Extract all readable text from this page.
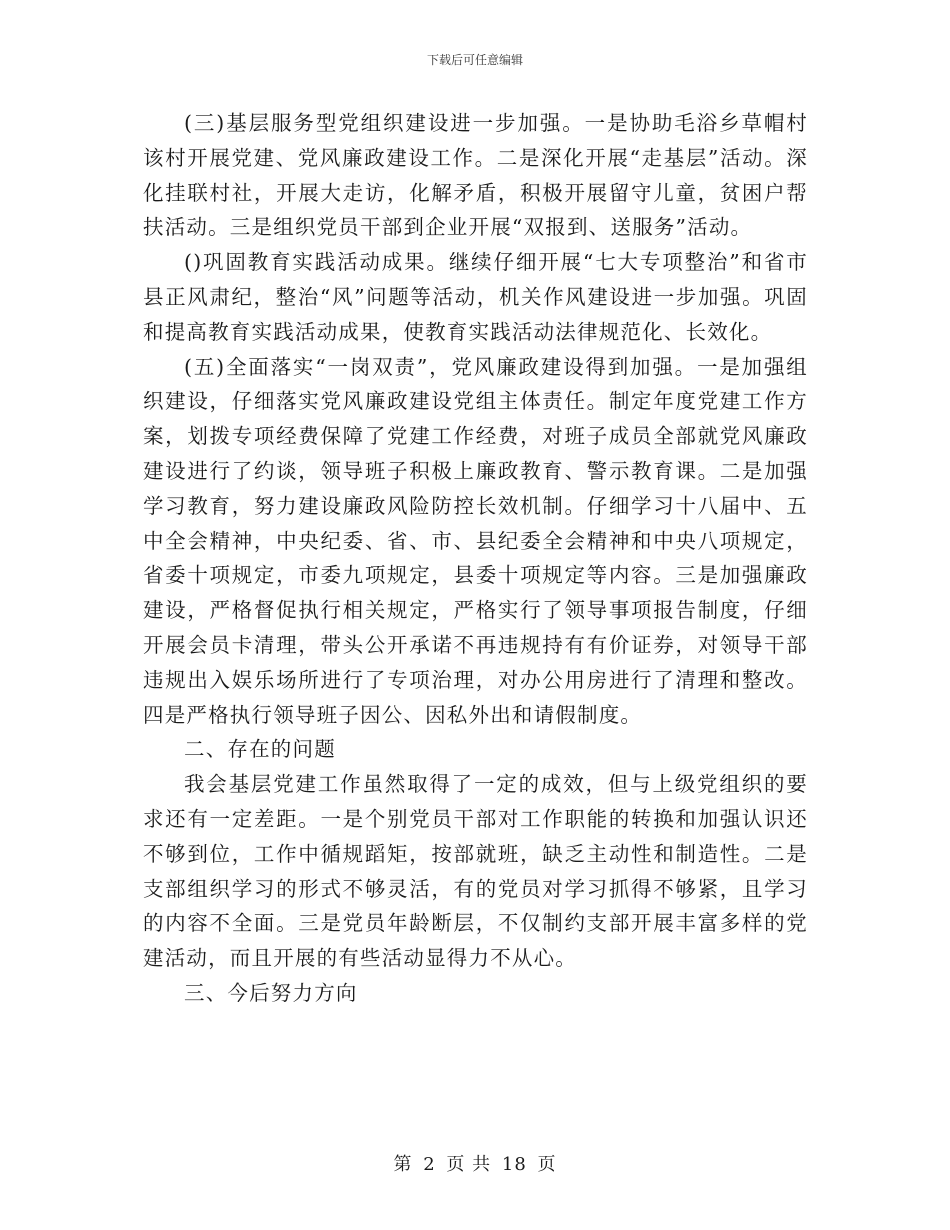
下载后可任意编辑

(三)基层服务型党组织建设进一步加强。一是协助毛浴乡草帽村该村开展党建、党风廉政建设工作。二是深化开展“走基层”活动。深化挂联村社，开展大走访，化解矛盾，积极开展留守儿童，贫困户帮扶活动。三是组织党员干部到企业开展“双报到、送服务”活动。

()巩固教育实践活动成果。继续仔细开展“七大专项整治”和省市县正风肃纪，整治“风”问题等活动，机关作风建设进一步加强。巩固和提高教育实践活动成果，使教育实践活动法律规范化、长效化。

(五)全面落实“一岗双责”，党风廉政建设得到加强。一是加强组织建设，仔细落实党风廉政建设党组主体责任。制定年度党建工作方案，划拨专项经费保障了党建工作经费，对班子成员全部就党风廉政建设进行了约谈，领导班子积极上廉政教育、警示教育课。二是加强学习教育，努力建设廉政风险防控长效机制。仔细学习十八届中、五中全会精神，中央纪委、省、市、县纪委全会精神和中央八项规定，省委十项规定，市委九项规定，县委十项规定等内容。三是加强廉政建设，严格督促执行相关规定，严格实行了领导事项报告制度，仔细开展会员卡清理，带头公开承诺不再违规持有有价证券，对领导干部违规出入娱乐场所进行了专项治理，对办公用房进行了清理和整改。四是严格执行领导班子因公、因私外出和请假制度。

二、存在的问题

我会基层党建工作虽然取得了一定的成效，但与上级党组织的要求还有一定差距。一是个别党员干部对工作职能的转换和加强认识还不够到位，工作中循规蹈矩，按部就班，缺乏主动性和制造性。二是支部组织学习的形式不够灵活，有的党员对学习抓得不够紧，且学习的内容不全面。三是党员年龄断层，不仅制约支部开展丰富多样的党建活动，而且开展的有些活动显得力不从心。

三、今后努力方向

第 2 页 共 18 页
